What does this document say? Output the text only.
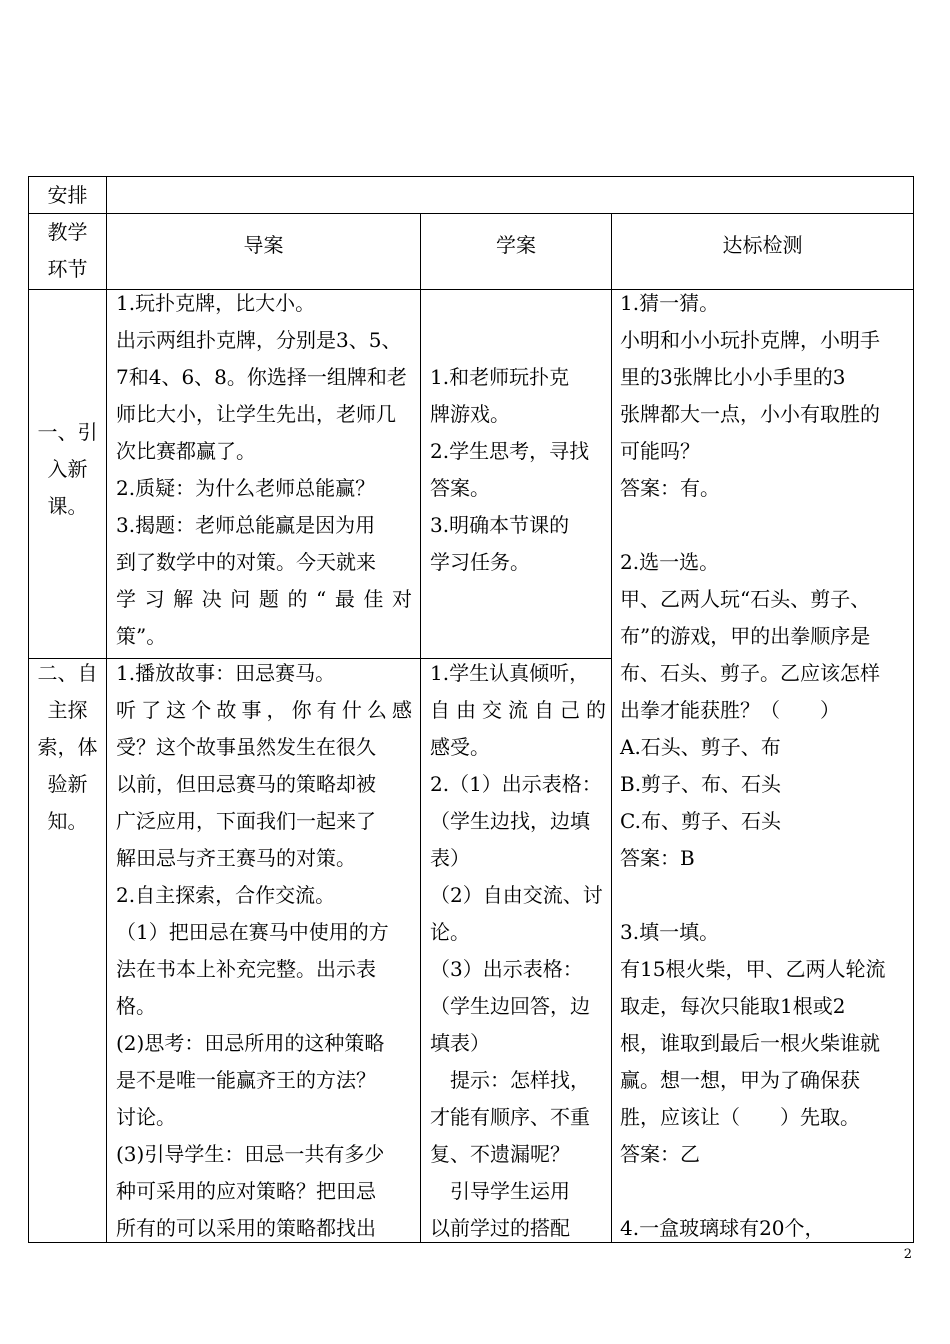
安排
教学
环节
导案	学案	达标检测
一、引
入新
课。
1.玩扑克牌，比大小。
出示两组扑克牌，分别是3、5、
7和4、6、8。你选择一组牌和老
师比大小，让学生先出，老师几
次比赛都赢了。
2.质疑：为什么老师总能赢？
3.揭题：老师总能赢是因为用
到了数学中的对策。今天就来
学习解决问题的“最佳对
策”。
1.和老师玩扑克
牌游戏。
2.学生思考，寻找
答案。
3.明确本节课的
学习任务。
二、自
主探
索，体
验新
知。
1.播放故事：田忌赛马。
听了这个故事，你有什么感
受？这个故事虽然发生在很久
以前，但田忌赛马的策略却被
广泛应用，下面我们一起来了
解田忌与齐王赛马的对策。
2.自主探索，合作交流。
（1）把田忌在赛马中使用的方
法在书本上补充完整。出示表
格。
(2)思考：田忌所用的这种策略
是不是唯一能赢齐王的方法？
讨论。
(3)引导学生：田忌一共有多少
种可采用的应对策略？把田忌
所有的可以采用的策略都找出
1.学生认真倾听，
自由交流自己的
感受。
2.（1）出示表格：
（学生边找，边填
表）
（2）自由交流、讨
论。
（3）出示表格：
（学生边回答，边
填表）
　提示：怎样找，
才能有顺序、不重
复、不遗漏呢？
　引导学生运用
以前学过的搭配
1.猜一猜。
小明和小小玩扑克牌，小明手
里的3张牌比小小手里的3
张牌都大一点，小小有取胜的
可能吗？
答案：有。
2.选一选。
甲、乙两人玩“石头、剪子、
布”的游戏，甲的出拳顺序是
布、石头、剪子。乙应该怎样
出拳才能获胜？（　　）
A.石头、剪子、布
B.剪子、布、石头
C.布、剪子、石头
答案：B
3.填一填。
有15根火柴，甲、乙两人轮流
取走，每次只能取1根或2
根，谁取到最后一根火柴谁就
赢。想一想，甲为了确保获
胜，应该让（　　）先取。
答案：乙
4.一盒玻璃球有20个，
2
